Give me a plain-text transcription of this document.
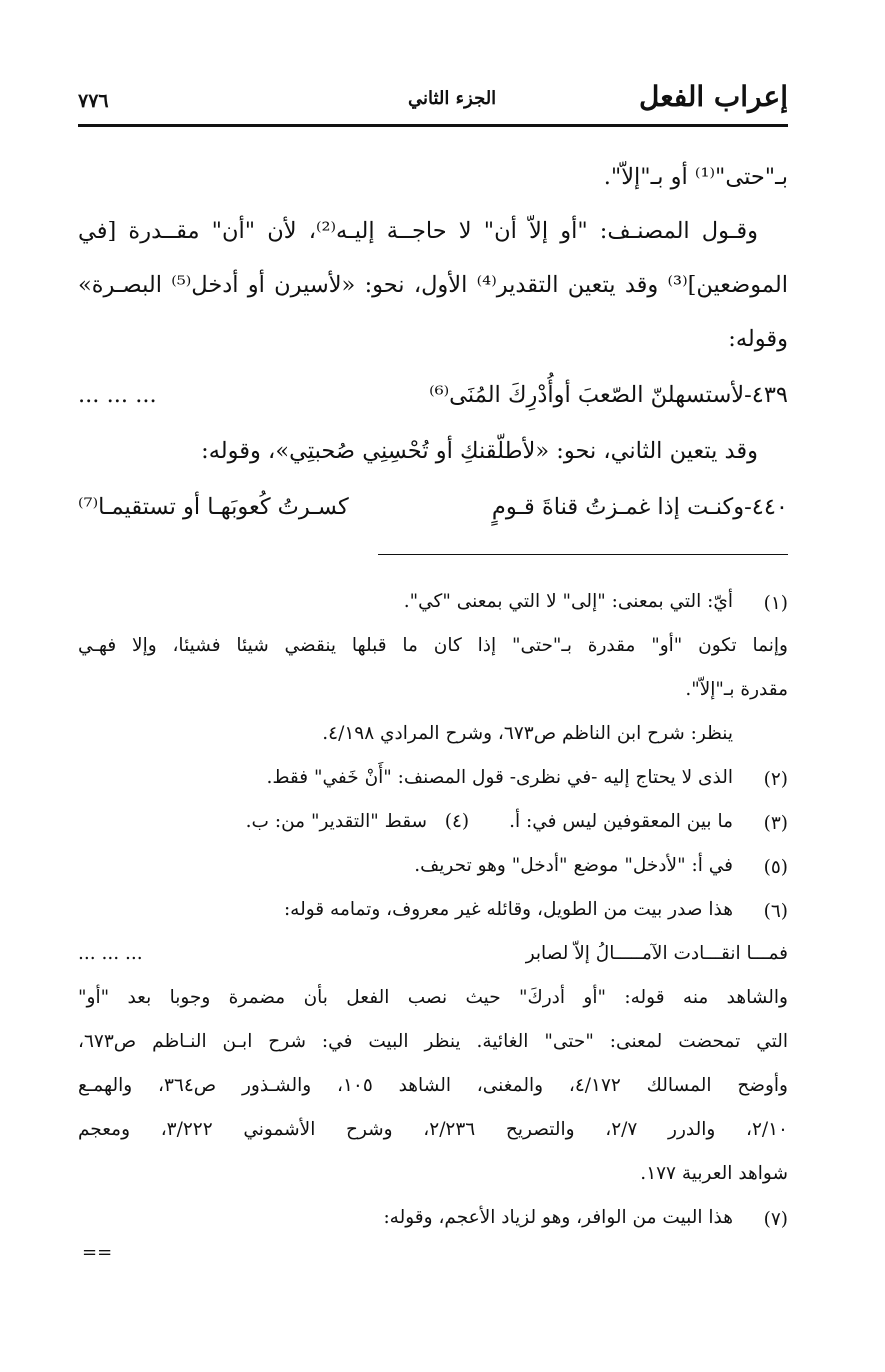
إعراب الفعل
الجزء الثاني
٧٧٦
بـ"حتى"⁽¹⁾ أو بـ"إلاّ".
وقـول المصنـف: "أو إلاّ أن" لا حاجــة إليـه⁽²⁾، لأن "أن" مقــدرة [في
الموضعين]⁽³⁾ وقد يتعين التقدير⁽⁴⁾ الأول، نحو: «لأسيرن أو أدخل⁽⁵⁾ البصـرة»
وقوله:
٤٣٩-لأستسهلنّ الصّعبَ أوأُدْرِكَ المُنَى⁽⁶⁾
... ... ...
وقد يتعين الثاني، نحو: «لأطلّقنكِ أو تُحْسِنِي صُحبتِي»، وقوله:
٤٤٠-وكنـت إذا غمـزتُ قناةَ قـومٍ
كسـرتُ كُعوبَهـا أو تستقيمـا⁽⁷⁾
(١)
أيّ: التي بمعنى: "إلى" لا التي بمعنى "كي".
وإنما تكون "أو" مقدرة بـ"حتى" إذا كان ما قبلها ينقضي شيئا فشيئا، وإلا فهـي
مقدرة بـ"إلاّ".
ينظر: شرح ابن الناظم ص٦٧٣، وشرح المرادي ٤/١٩٨.
(٢)
الذى لا يحتاج إليه -في نظرى- قول المصنف: "أَنْ خَفي" فقط.
(٣)
ما بين المعقوفين ليس في: أ.(٤)   سقط "التقدير" من: ب.
(٥)
في أ: "لأدخل" موضع "أدخل" وهو تحريف.
(٦)
هذا صدر بيت من الطويل، وقائله غير معروف، وتمامه قوله:
فمـــا انقـــادت الآمـــــالُ إلاّ لصابر
... ... ...
والشاهد منه قوله: "أو أدركَ" حيث نصب الفعل بأن مضمرة وجوبا بعد "أو"
التي تمحضت لمعنى: "حتى" الغائية. ينظر البيت في: شرح ابـن النـاظم ص٦٧٣،
وأوضح المسالك ٤/١٧٢، والمغنى، الشاهد ١٠٥، والشـذور ص٣٦٤، والهمـع
٢/١٠، والدرر ٢/٧، والتصريح ٢/٢٣٦، وشرح الأشموني ٣/٢٢٢، ومعجم
شواهد العربية ١٧٧.
(٧)
هذا البيت من الوافر، وهو لزياد الأعجم، وقوله:
==
